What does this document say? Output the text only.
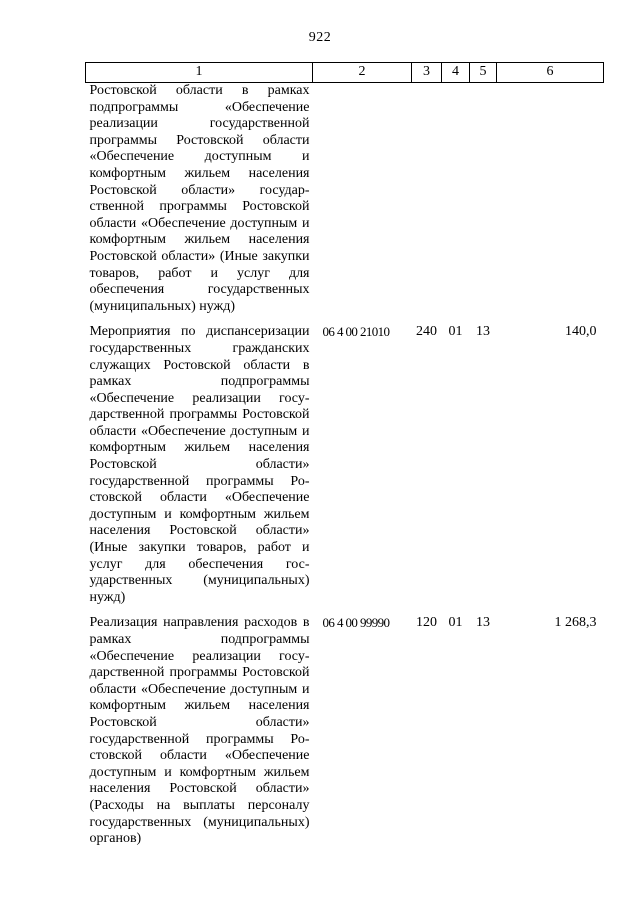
922
1	2	3	4	5	6
Ростовской области в рамках подпрограммы «Обеспечение реализации государственной программы Ростовской области «Обеспечение доступным и комфортным жильем населения Ростовской области» государственной программы Ростовской области «Обеспечение доступным и комфортным жильем населения Ростовской области» (Иные закупки товаров, работ и услуг для обеспечения государственных (муниципальных) нужд)					
Мероприятия по диспансеризации государственных гражданских служащих Ростовской области в рамках подпрограммы «Обеспечение реализации государственной программы Ростовской области «Обеспечение доступным и комфортным жильем населения Ростовской области» государственной программы Ростовской области «Обеспечение доступным и комфортным жильем населения Ростовской области» (Иные закупки товаров, работ и услуг для обеспечения государственных (муниципальных) нужд)	06 4 00 21010	240	01	13	140,0
Реализация направления расходов в рамках подпрограммы «Обеспечение реализации государственной программы Ростовской области «Обеспечение доступным и комфортным жильем населения Ростовской области» государственной программы Ростовской области «Обеспечение доступным и комфортным жильем населения Ростовской области» (Расходы на выплаты персоналу государственных (муниципальных) органов)	06 4 00 99990	120	01	13	1 268,3
